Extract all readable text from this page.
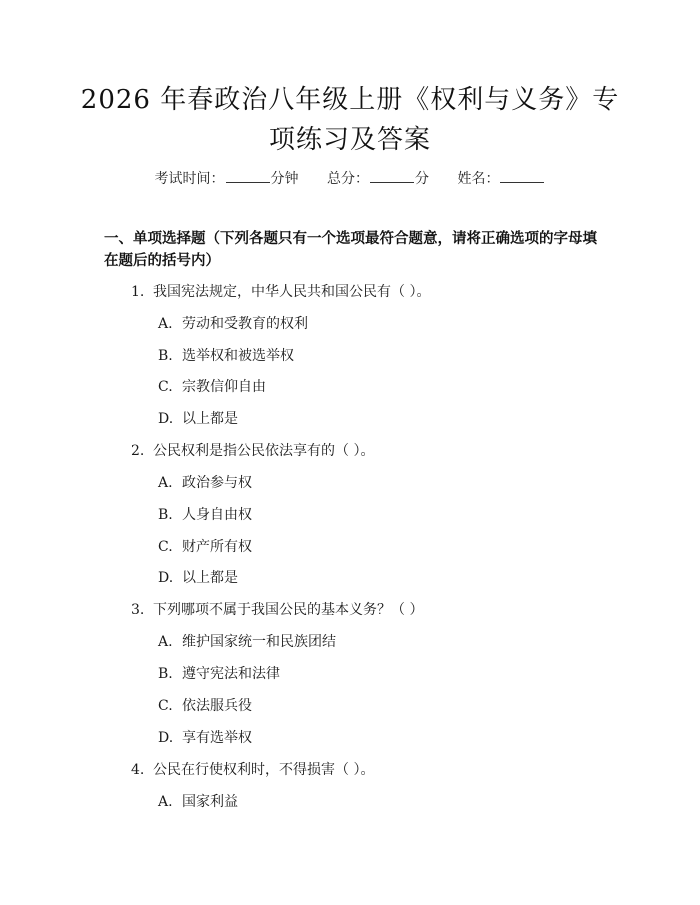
2026 年春政治八年级上册《权利与义务》专
项练习及答案
考试时间：	分钟 总分：	分 姓名：
一、单项选择题（下列各题只有一个选项最符合题意，请将正确选项的字母填在题后的括号内）
1. 我国宪法规定，中华人民共和国公民有（ ）。
A. 劳动和受教育的权利
B. 选举权和被选举权
C. 宗教信仰自由
D. 以上都是
2. 公民权利是指公民依法享有的（ ）。
A. 政治参与权
B. 人身自由权
C. 财产所有权
D. 以上都是
3. 下列哪项不属于我国公民的基本义务？（ ）
A. 维护国家统一和民族团结
B. 遵守宪法和法律
C. 依法服兵役
D. 享有选举权
4. 公民在行使权利时，不得损害（ ）。
A. 国家利益
